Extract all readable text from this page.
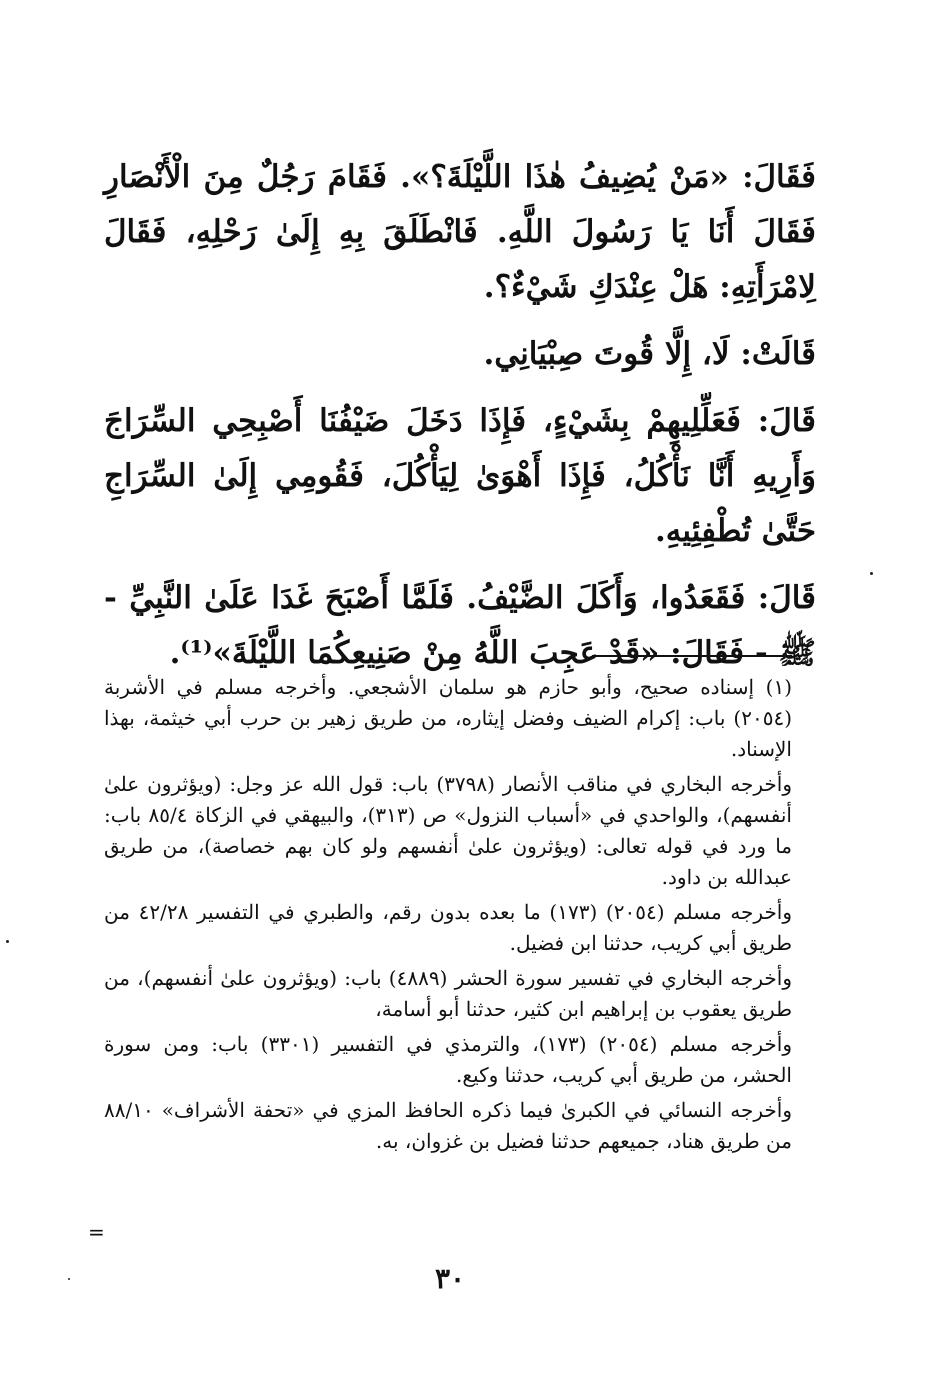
فَقَالَ: «مَنْ يُضِيفُ هٰذَا اللَّيْلَةَ؟». فَقَامَ رَجُلٌ مِنَ الْأَنْصَارِ فَقَالَ أَنَا يَا رَسُولَ اللَّهِ. فَانْطَلَقَ بِهِ إِلَىٰ رَحْلِهِ، فَقَالَ لِامْرَأَتِهِ: هَلْ عِنْدَكِ شَيْءٌ؟.

قَالَتْ: لَا، إِلَّا قُوتَ صِبْيَانِي.

قَالَ: فَعَلِّلِيهِمْ بِشَيْءٍ، فَإِذَا دَخَلَ ضَيْفُنَا أَصْبِحِي السِّرَاجَ وَأَرِيهِ أَنَّا نَأْكُلُ، فَإِذَا أَهْوَىٰ لِيَأْكُلَ، فَقُومِي إِلَىٰ السِّرَاجِ حَتَّىٰ تُطْفِئِيهِ.

قَالَ: فَقَعَدُوا، وَأَكَلَ الضَّيْفُ. فَلَمَّا أَصْبَحَ غَدَا عَلَىٰ النَّبِيِّ - ﷺ - فَقَالَ: «قَدْ عَجِبَ اللَّهُ مِنْ صَنِيعِكُمَا اللَّيْلَةَ»⁽¹⁾.

(١) إسناده صحيح، وأبو حازم هو سلمان الأشجعي. وأخرجه مسلم في الأشربة (٢٠٥٤) باب: إكرام الضيف وفضل إيثاره، من طريق زهير بن حرب أبي خيثمة، بهذا الإسناد.

وأخرجه البخاري في مناقب الأنصار (٣٧٩٨) باب: قول الله عز وجل: (ويؤثرون علىٰ أنفسهم)، والواحدي في «أسباب النزول» ص (٣١٣)، والبيهقي في الزكاة ٨٥/٤ باب: ما ورد في قوله تعالى: (ويؤثرون علىٰ أنفسهم ولو كان بهم خصاصة)، من طريق عبدالله بن داود.

وأخرجه مسلم (٢٠٥٤) (١٧٣) ما بعده بدون رقم، والطبري في التفسير ٤٢/٢٨ من طريق أبي كريب، حدثنا ابن فضيل.

وأخرجه البخاري في تفسير سورة الحشر (٤٨٨٩) باب: (ويؤثرون علىٰ أنفسهم)، من طريق يعقوب بن إبراهيم ابن كثير، حدثنا أبو أسامة،

وأخرجه مسلم (٢٠٥٤) (١٧٣)، والترمذي في التفسير (٣٣٠١) باب: ومن سورة الحشر، من طريق أبي كريب، حدثنا وكيع.

وأخرجه النسائي في الكبرىٰ فيما ذكره الحافظ المزي في «تحفة الأشراف» ٨٨/١٠ من طريق هناد، جميعهم حدثنا فضيل بن غزوان، به.

=
٣٠
